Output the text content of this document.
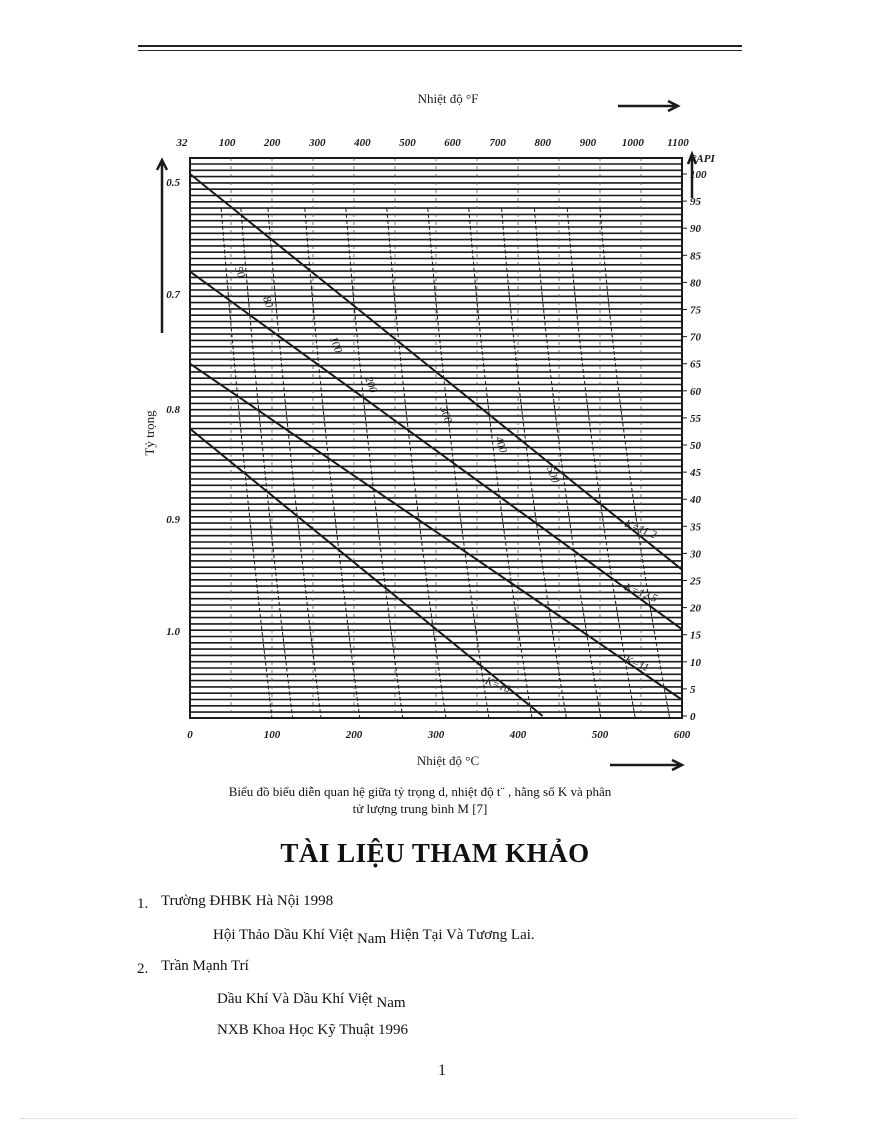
K=11,2
K=12,5
K=11
K=10
50
80
100
200
300
400
500
0	100	200	300	400	500	600
32	100	200	300	400	500	600	700	800	900 1000 1100
0.5
0.7
0.8
0.9
1.0
100
95
90
85
80
75
70
65
60
55
50
45
40
35
30
25
20
15
10
5
0
°API
Nhiệt độ °F
Nhiệt độ °C
Tỷ trọng
Biểu đồ biểu diễn quan hệ giữa tỷ trọng d, nhiệt độ t¨ , hằng số K và phân
tử lượng trung bình M [7]
TÀI LIỆU THAM KHẢO
1. Trường ĐHBK Hà Nội 1998
Hội Thảo Dầu Khí Việt Nam Hiện Tại Và Tương Lai.
2. Trần Mạnh Trí
Dầu Khí Và Dầu Khí Việt Nam
NXB Khoa Học Kỹ Thuật 1996
1
